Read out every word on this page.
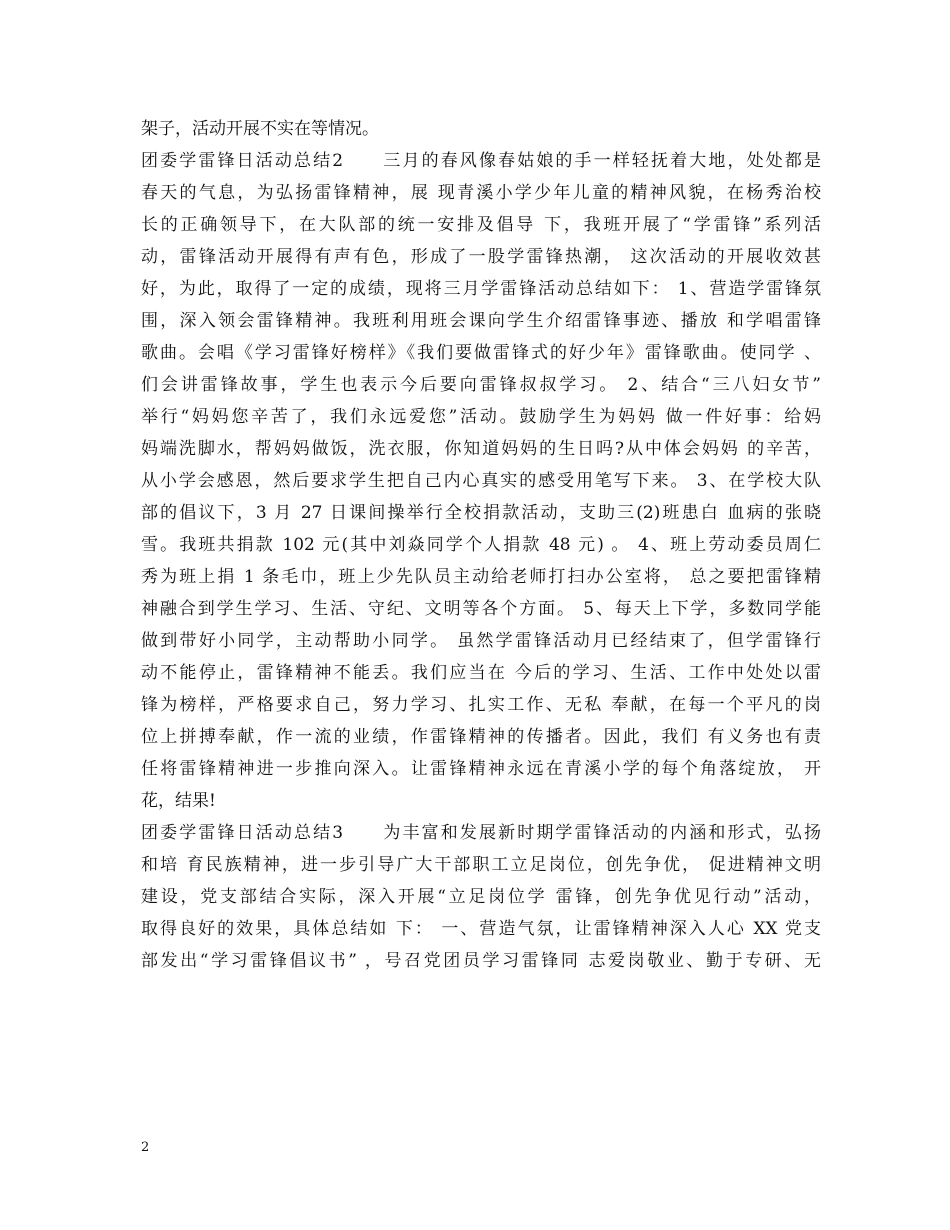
架子，活动开展不实在等情况。
团委学雷锋日活动总结2　　三月的春风像春姑娘的手一样轻抚着大地，处处都是
春天的气息，为弘扬雷锋精神，展 现青溪小学少年儿童的精神风貌，在杨秀治校
长的正确领导下，在大队部的统一安排及倡导 下，我班开展了“学雷锋”系列活
动，雷锋活动开展得有声有色，形成了一股学雷锋热潮， 这次活动的开展收效甚
好，为此，取得了一定的成绩，现将三月学雷锋活动总结如下： 1、营造学雷锋氛
围，深入领会雷锋精神。我班利用班会课向学生介绍雷锋事迹、播放 和学唱雷锋
歌曲。会唱《学习雷锋好榜样》《我们要做雷锋式的好少年》雷锋歌曲。使同学 、
们会讲雷锋故事，学生也表示今后要向雷锋叔叔学习。 2、结合“三八妇女节”
举行“妈妈您辛苦了，我们永远爱您”活动。鼓励学生为妈妈 做一件好事：给妈
妈端洗脚水，帮妈妈做饭，洗衣服，你知道妈妈的生日吗?从中体会妈妈 的辛苦，
从小学会感恩，然后要求学生把自己内心真实的感受用笔写下来。 3、在学校大队
部的倡议下，3 月 27 日课间操举行全校捐款活动，支助三(2)班患白 血病的张晓
雪。我班共捐款 102 元(其中刘焱同学个人捐款 48 元) 。 4、班上劳动委员周仁
秀为班上捐 1 条毛巾，班上少先队员主动给老师打扫办公室将， 总之要把雷锋精
神融合到学生学习、生活、守纪、文明等各个方面。 5、每天上下学，多数同学能
做到带好小同学，主动帮助小同学。 虽然学雷锋活动月已经结束了，但学雷锋行
动不能停止，雷锋精神不能丢。我们应当在 今后的学习、生活、工作中处处以雷
锋为榜样，严格要求自己，努力学习、扎实工作、无私 奉献，在每一个平凡的岗
位上拼搏奉献，作一流的业绩，作雷锋精神的传播者。因此，我们 有义务也有责
任将雷锋精神进一步推向深入。让雷锋精神永远在青溪小学的每个角落绽放， 开
花，结果!
团委学雷锋日活动总结3　　为丰富和发展新时期学雷锋活动的内涵和形式，弘扬
和培 育民族精神，进一步引导广大干部职工立足岗位，创先争优， 促进精神文明
建设，党支部结合实际，深入开展“立足岗位学 雷锋，创先争优见行动”活动，
取得良好的效果，具体总结如 下： 一、营造气氛，让雷锋精神深入人心 XX 党支
部发出“学习雷锋倡议书” ，号召党团员学习雷锋同 志爱岗敬业、勤于专研、无
2
